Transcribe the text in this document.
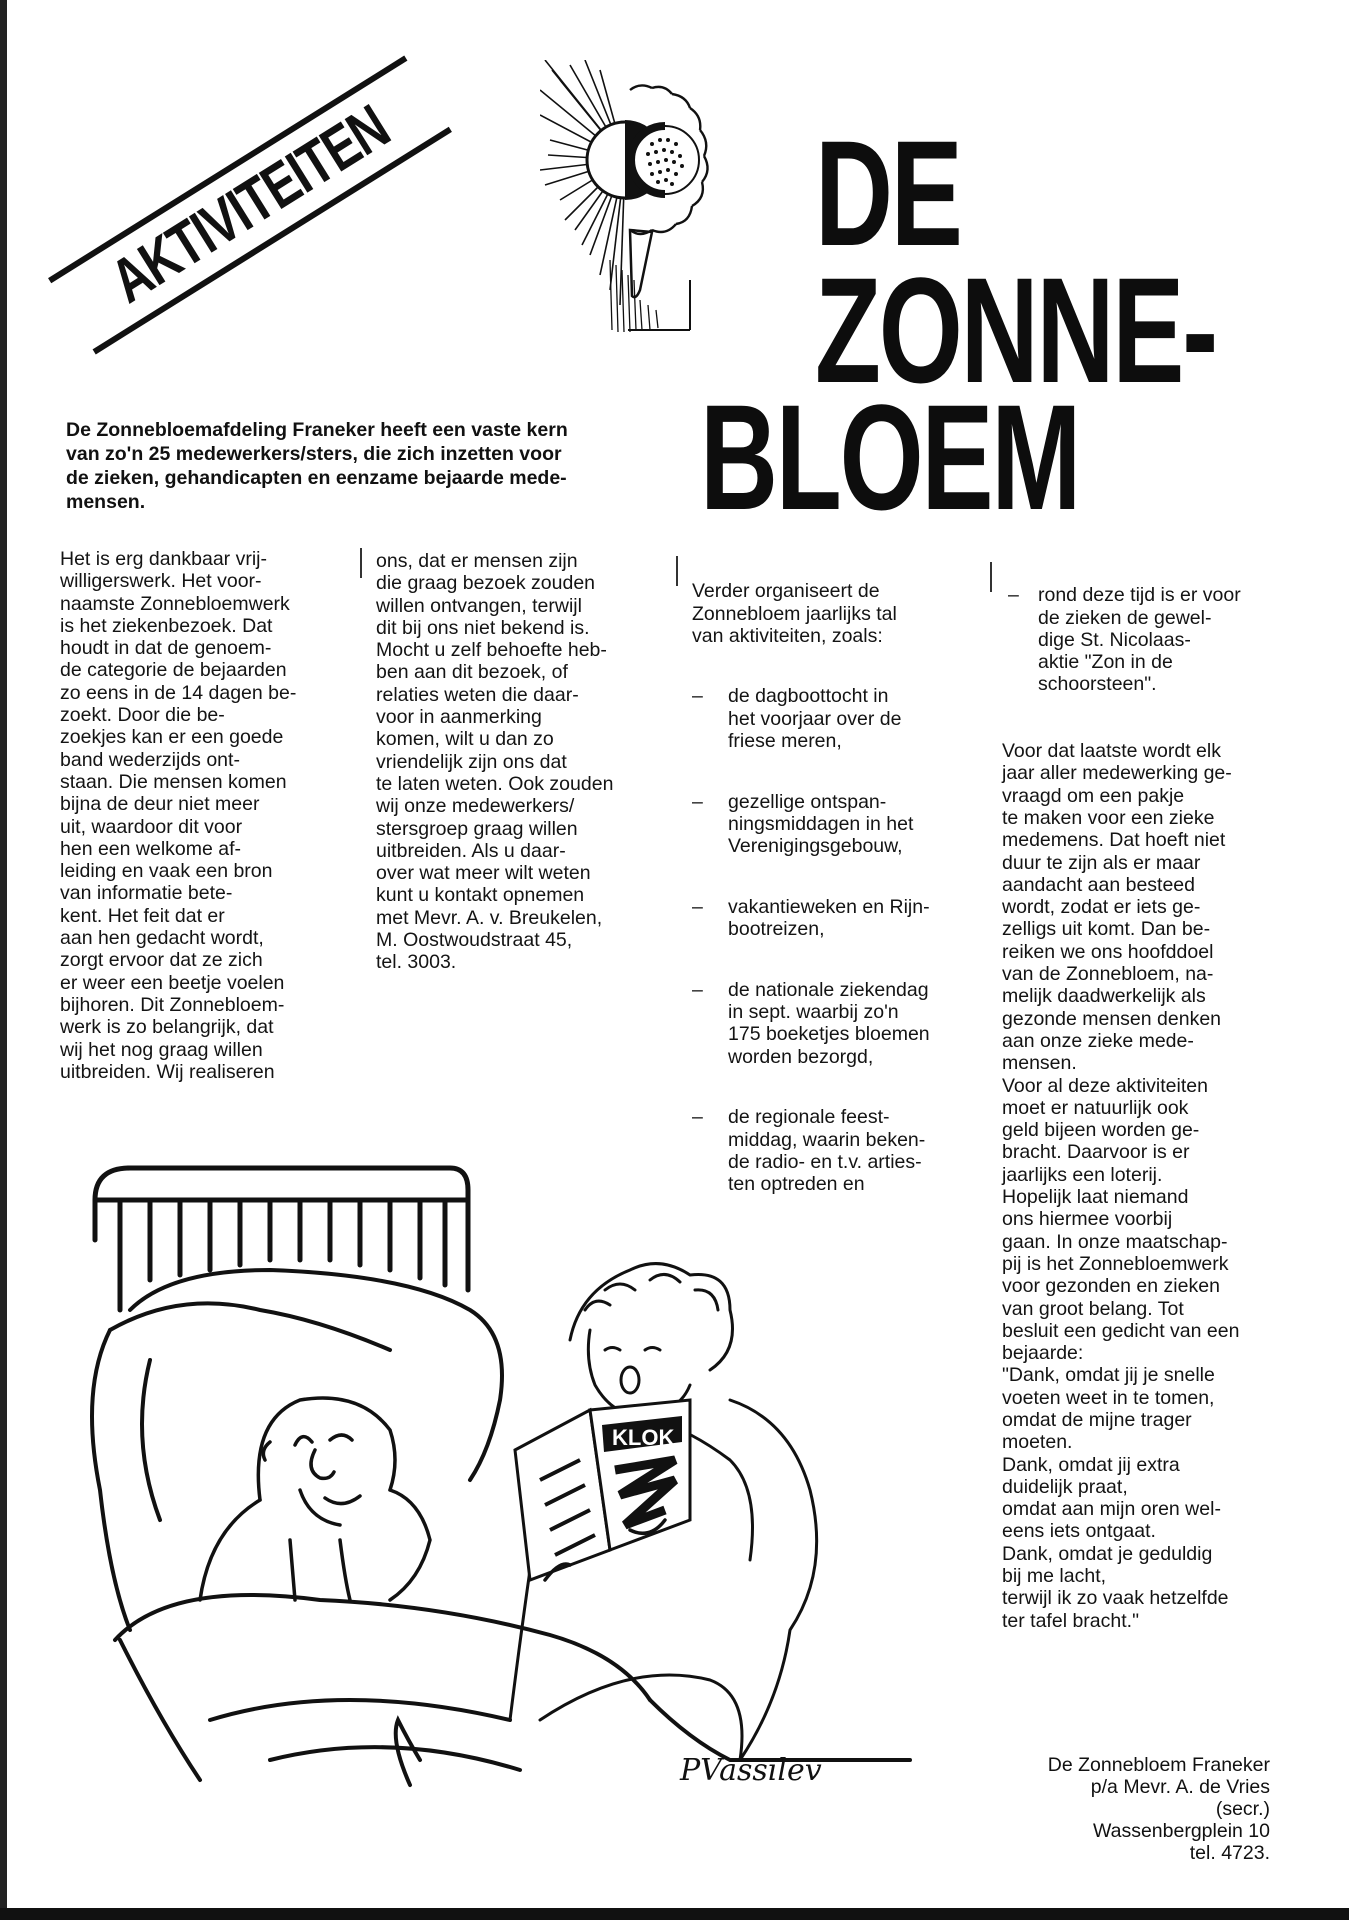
AKTIVITEITEN	DE
ZONNE-
BLOEM
De Zonnebloemafdeling Franeker heeft een vaste kern
van zo'n 25 medewerkers/sters, die zich inzetten voor
de zieken, gehandicapten en eenzame bejaarde mede-
mensen.
Het is erg dankbaar vrij-
willigerswerk. Het voor-
naamste Zonnebloemwerk
is het ziekenbezoek. Dat
houdt in dat de genoem-
de categorie de bejaarden
zo eens in de 14 dagen be-
zoekt. Door die be-
zoekjes kan er een goede
band wederzijds ont-
staan. Die mensen komen
bijna de deur niet meer
uit, waardoor dit voor
hen een welkome af-
leiding en vaak een bron
van informatie bete-
kent. Het feit dat er
aan hen gedacht wordt,
zorgt ervoor dat ze zich
er weer een beetje voelen
bijhoren. Dit Zonnebloem-
werk is zo belangrijk, dat
wij het nog graag willen
uitbreiden. Wij realiseren
ons, dat er mensen zijn
die graag bezoek zouden
willen ontvangen, terwijl
dit bij ons niet bekend is.
Mocht u zelf behoefte heb-
ben aan dit bezoek, of
relaties weten die daar-
voor in aanmerking
komen, wilt u dan zo
vriendelijk zijn ons dat
te laten weten. Ook zouden
wij onze medewerkers/
stersgroep graag willen
uitbreiden. Als u daar-
over wat meer wilt weten
kunt u kontakt opnemen
met Mevr. A. v. Breukelen,
M. Oostwoudstraat 45,
tel. 3003.

Verder organiseert de
Zonnebloem jaarlijks tal
van aktiviteiten, zoals:

– de dagboottocht in
het voorjaar over de
friese meren,

– gezellige ontspan-
ningsmiddagen in het
Verenigingsgebouw,

– vakantieweken en Rijn-
bootreizen,

– de nationale ziekendag
in sept. waarbij zo'n
175 boeketjes bloemen
worden bezorgd,

– de regionale feest-
middag, waarin beken-
de radio- en t.v. arties-
ten optreden en

– rond deze tijd is er voor
de zieken de gewel-
dige St. Nicolaas-
aktie "Zon in de
schoorsteen".

Voor dat laatste wordt elk
jaar aller medewerking ge-
vraagd om een pakje
te maken voor een zieke
medemens. Dat hoeft niet
duur te zijn als er maar
aandacht aan besteed
wordt, zodat er iets ge-
zelligs uit komt. Dan be-
reiken we ons hoofddoel
van de Zonnebloem, na-
melijk daadwerkelijk als
gezonde mensen denken
aan onze zieke mede-
mensen.
Voor al deze aktiviteiten
moet er natuurlijk ook
geld bijeen worden ge-
bracht. Daarvoor is er
jaarlijks een loterij.
Hopelijk laat niemand
ons hiermee voorbij
gaan. In onze maatschap-
pij is het Zonnebloemwerk
voor gezonden en zieken
van groot belang. Tot
besluit een gedicht van een
bejaarde:
"Dank, omdat jij je snelle
voeten weet in te tomen,
omdat de mijne trager
moeten.
Dank, omdat jij extra
duidelijk praat,
omdat aan mijn oren wel-
eens iets ontgaat.
Dank, omdat je geduldig
bij me lacht,
terwijl ik zo vaak hetzelfde
ter tafel bracht."

KLOK
PVassilev	De Zonnebloem Franeker
p/a Mevr. A. de Vries
(secr.)
Wassenbergplein 10
tel. 4723.
De Klok 9 - 3
